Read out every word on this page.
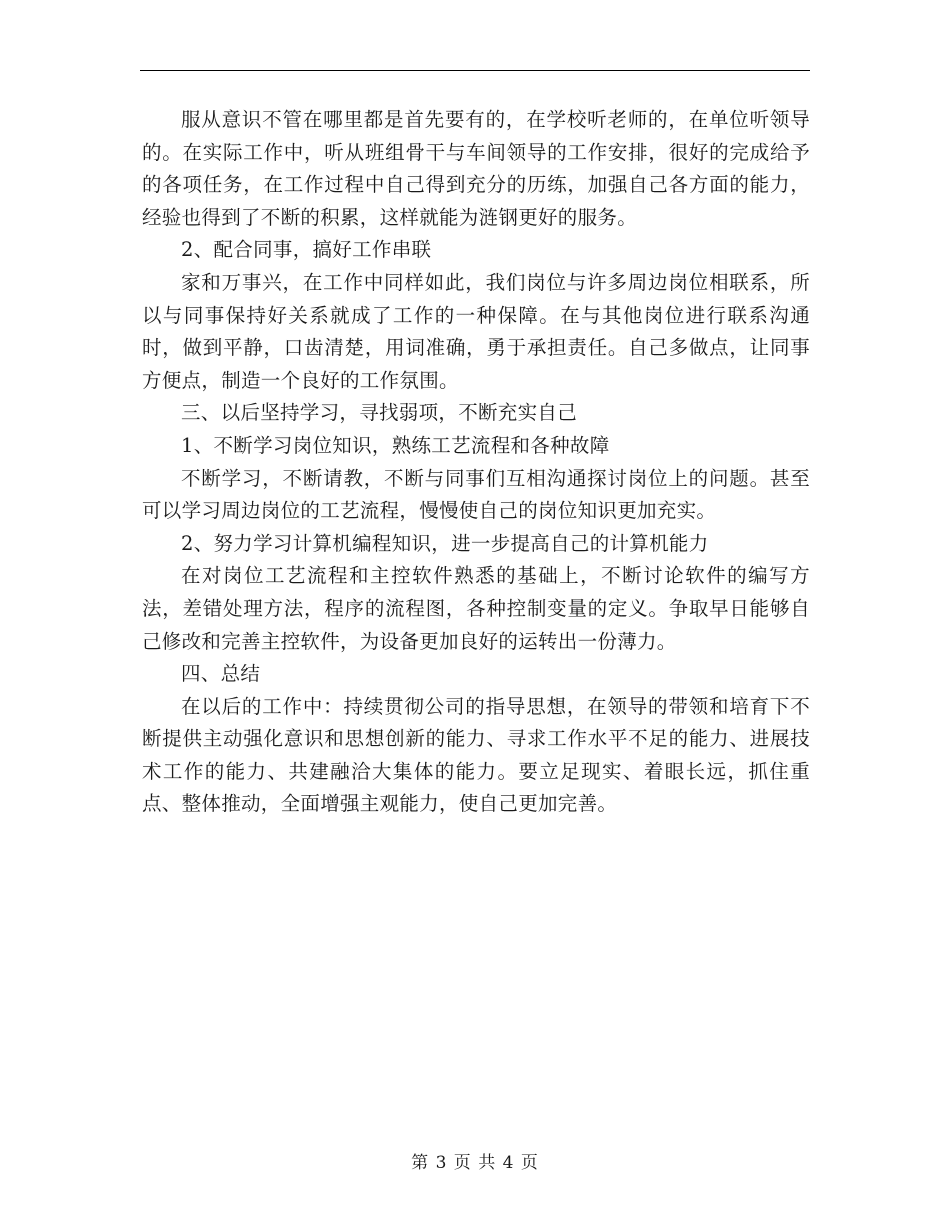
服从意识不管在哪里都是首先要有的，在学校听老师的，在单位听领导的。在实际工作中，听从班组骨干与车间领导的工作安排，很好的完成给予的各项任务，在工作过程中自己得到充分的历练，加强自己各方面的能力，经验也得到了不断的积累，这样就能为涟钢更好的服务。

2、配合同事，搞好工作串联

家和万事兴，在工作中同样如此，我们岗位与许多周边岗位相联系，所以与同事保持好关系就成了工作的一种保障。在与其他岗位进行联系沟通时，做到平静，口齿清楚，用词准确，勇于承担责任。自己多做点，让同事方便点，制造一个良好的工作氛围。

三、以后坚持学习，寻找弱项，不断充实自己

1、不断学习岗位知识，熟练工艺流程和各种故障

不断学习，不断请教，不断与同事们互相沟通探讨岗位上的问题。甚至可以学习周边岗位的工艺流程，慢慢使自己的岗位知识更加充实。

2、努力学习计算机编程知识，进一步提高自己的计算机能力

在对岗位工艺流程和主控软件熟悉的基础上，不断讨论软件的编写方法，差错处理方法，程序的流程图，各种控制变量的定义。争取早日能够自己修改和完善主控软件，为设备更加良好的运转出一份薄力。

四、总结

在以后的工作中：持续贯彻公司的指导思想，在领导的带领和培育下不断提供主动强化意识和思想创新的能力、寻求工作水平不足的能力、进展技术工作的能力、共建融洽大集体的能力。要立足现实、着眼长远，抓住重点、整体推动，全面增强主观能力，使自己更加完善。

第 3 页 共 4 页
